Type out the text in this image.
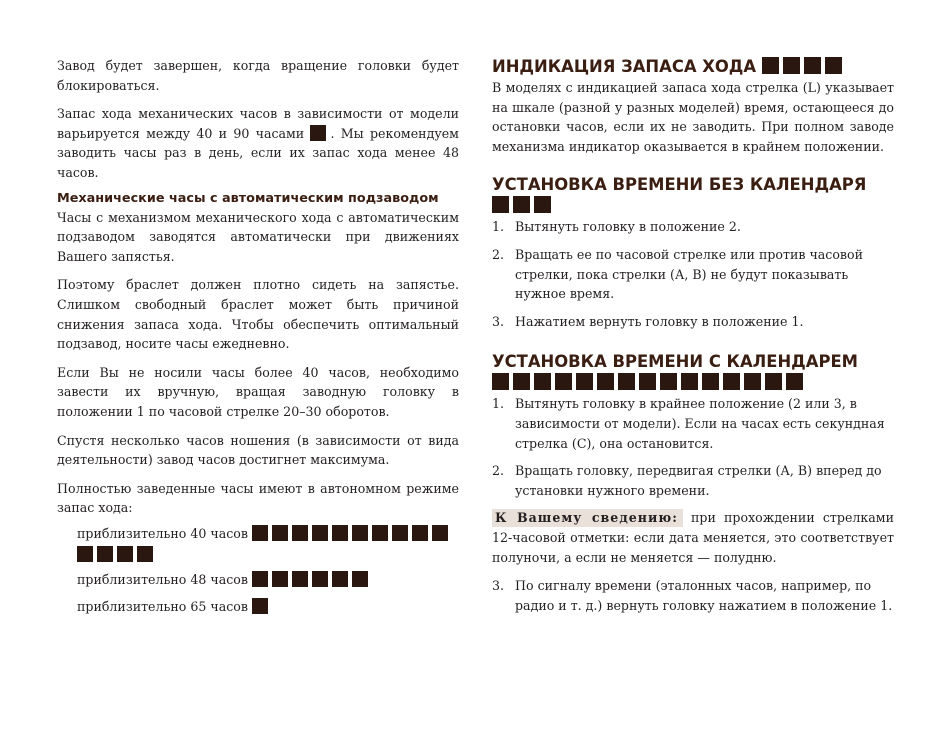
Завод будет завершен, когда вращение головки будет блокироваться.

Запас хода механических часов в зависимости от модели варьируется между 40 и 90 часами . Мы рекомендуем заводить часы раз в день, если их запас хода менее 48 часов.

Механические часы с автоматическим подзаводом

Часы с механизмом механического хода с автоматическим подзаводом заводятся автоматически при движениях Вашего запястья.

Поэтому браслет должен плотно сидеть на запястье. Слишком свободный браслет может быть причиной снижения запаса хода. Чтобы обеспечить оптимальный подзавод, носите часы ежедневно.

Если Вы не носили часы более 40 часов, необходимо завести их вручную, вращая заводную головку в положении 1 по часовой стрелке 20–30 оборотов.

Спустя несколько часов ношения (в зависимости от вида деятельности) завод часов достигнет максимума.

Полностью заведенные часы имеют в автономном режиме запас хода:

приблизительно 40 часов
приблизительно 48 часов
приблизительно 65 часов
ИНДИКАЦИЯ ЗАПАСА ХОДА

В моделях с индикацией запаса хода стрелка (L) указывает на шкале (разной у разных моделей) время, остающееся до остановки часов, если их не заводить. При полном заводе механизма индикатор оказывается в крайнем положении.

УСТАНОВКА ВРЕМЕНИ БЕЗ КАЛЕНДАРЯ

1. Вытянуть головку в положение 2.
2. Вращать ее по часовой стрелке или против часовой стрелки, пока стрелки (А, В) не будут показывать нужное время.
3. Нажатием вернуть головку в положение 1.
УСТАНОВКА ВРЕМЕНИ С КАЛЕНДАРЕМ

1. Вытянуть головку в крайнее положение (2 или 3, в зависимости от модели). Если на часах есть секундная стрелка (С), она остановится.
2. Вращать головку, передвигая стрелки (А, В) вперед до установки нужного времени.
К Вашему сведению: при прохождении стрелками 12-часовой отметки: если дата меняется, это соответствует полуночи, а если не меняется — полудню.
3. По сигналу времени (эталонных часов, например, по радио и т. д.) вернуть головку нажатием в положение 1.
